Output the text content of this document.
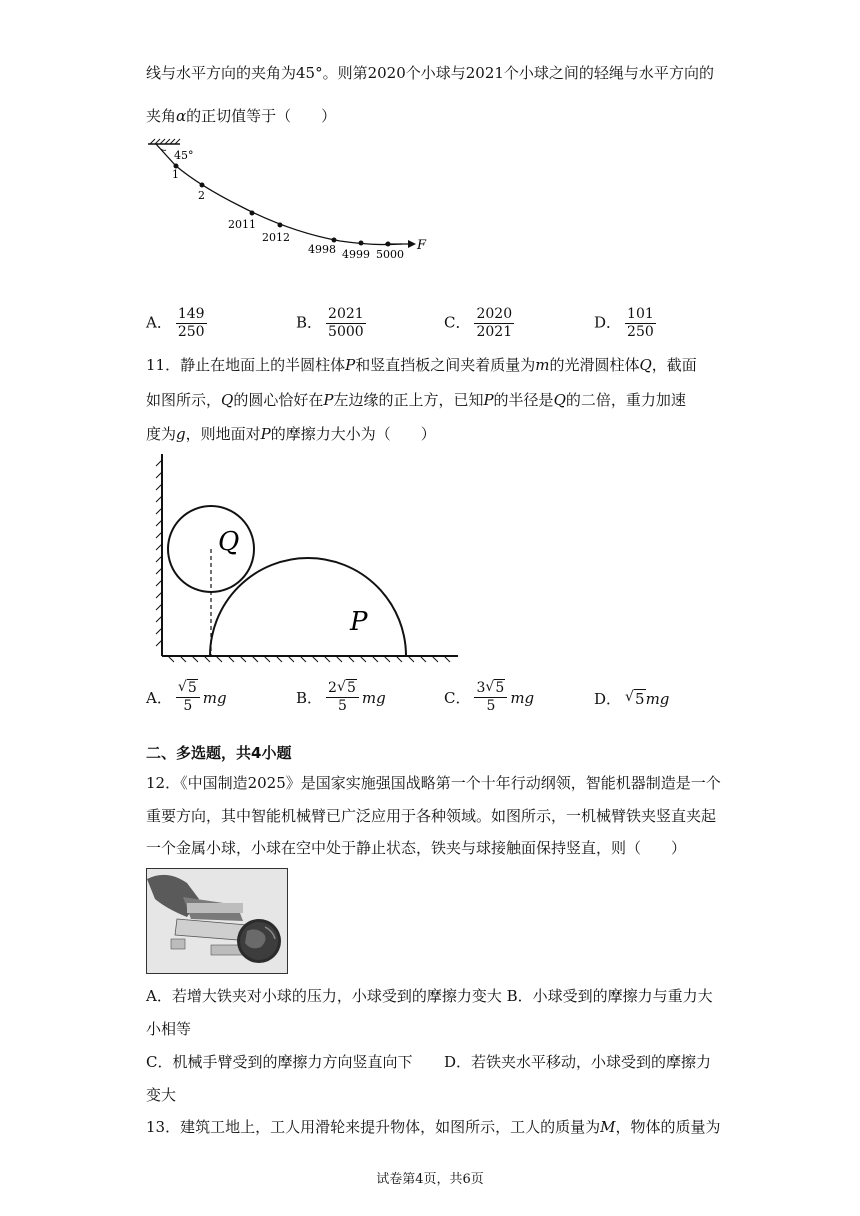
线与水平方向的夹角为45°。则第2020个小球与2021个小球之间的轻绳与水平方向的
夹角α的正切值等于（　　）
45°
F
1
2
2011
2012
4998 4999 5000
A． $\frac{149}{250}$	B． $\frac{2021}{5000}$	C． $\frac{2020}{2021}$	D． $\frac{101}{250}$
11．静止在地面上的半圆柱体P和竖直挡板之间夹着质量为m的光滑圆柱体Q，截面
如图所示，Q的圆心恰好在P左边缘的正上方，已知P的半径是Q的二倍，重力加速
度为g，则地面对P的摩擦力大小为（　　）
Q
P
A． √ $\frac{5}{5}$ mg	B． $\frac{2 √ 5}{5}$ mg	C． $\frac{3 √ 5}{5}$ mg	D． √ 5 mg
二、多选题，共4小题
12．《中国制造2025》是国家实施强国战略第一个十年行动纲领，智能机器制造是一个
重要方向，其中智能机械臂已广泛应用于各种领域。如图所示，一机械臂铁夹竖直夹起
一个金属小球，小球在空中处于静止状态，铁夹与球接触面保持竖直，则（　　）
A．若增大铁夹对小球的压力，小球受到的摩擦力变大 B．小球受到的摩擦力与重力大
小相等
C．机械手臂受到的摩擦力方向竖直向下 D．若铁夹水平移动，小球受到的摩擦力
变大
13．建筑工地上，工人用滑轮来提升物体，如图所示，工人的质量为M，物体的质量为
试卷第4页，共6页
